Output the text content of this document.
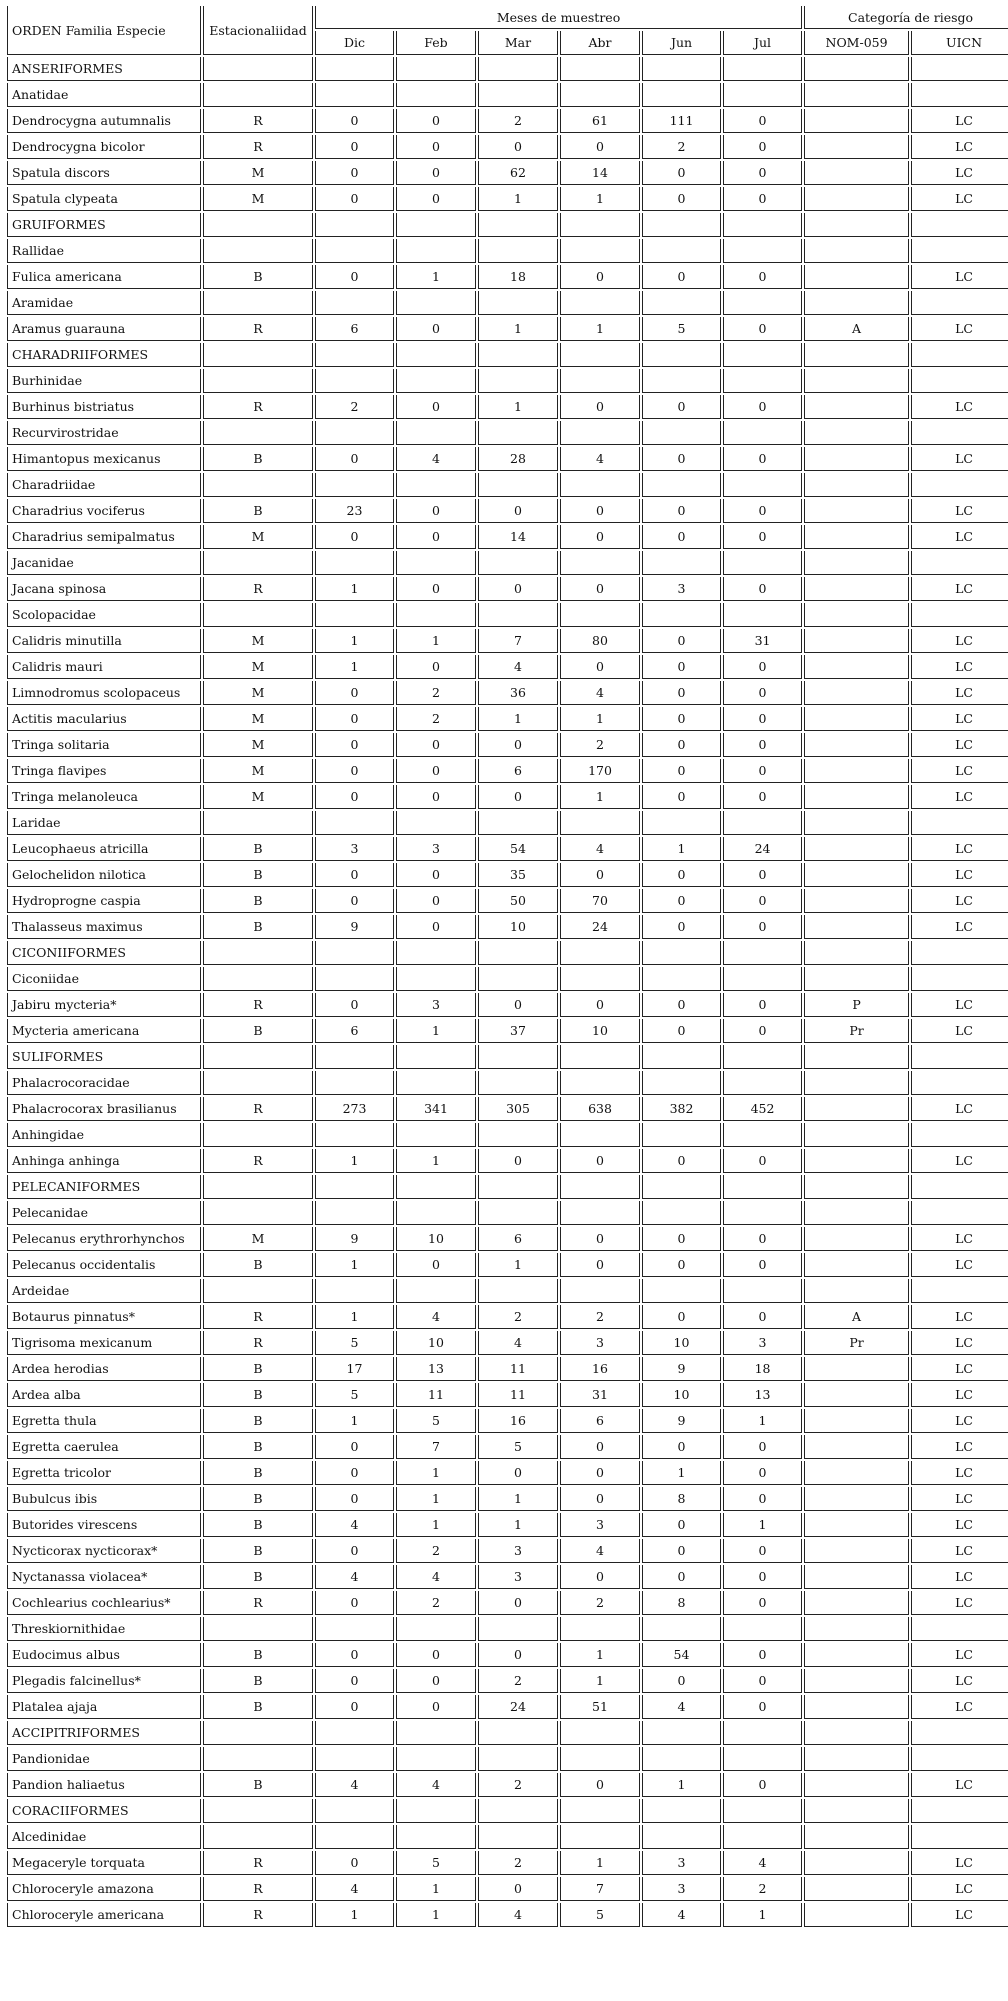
ORDEN Familia Especie	Estacionaliidad	Meses de muestreo						Categoría de riesgo	
		Dic	Feb	Mar	Abr	Jun	Jul	NOM-059	UICN
ANSERIFORMES									
Anatidae									
Dendrocygna autumnalis	R	0	0	2	61	111	0		LC
Dendrocygna bicolor	R	0	0	0	0	2	0		LC
Spatula discors	M	0	0	62	14	0	0		LC
Spatula clypeata	M	0	0	1	1	0	0		LC
GRUIFORMES									
Rallidae									
Fulica americana	B	0	1	18	0	0	0		LC
Aramidae									
Aramus guarauna	R	6	0	1	1	5	0	A	LC
CHARADRIIFORMES									
Burhinidae									
Burhinus bistriatus	R	2	0	1	0	0	0		LC
Recurvirostridae									
Himantopus mexicanus	B	0	4	28	4	0	0		LC
Charadriidae									
Charadrius vociferus	B	23	0	0	0	0	0		LC
Charadrius semipalmatus	M	0	0	14	0	0	0		LC
Jacanidae									
Jacana spinosa	R	1	0	0	0	3	0		LC
Scolopacidae									
Calidris minutilla	M	1	1	7	80	0	31		LC
Calidris mauri	M	1	0	4	0	0	0		LC
Limnodromus scolopaceus	M	0	2	36	4	0	0		LC
Actitis macularius	M	0	2	1	1	0	0		LC
Tringa solitaria	M	0	0	0	2	0	0		LC
Tringa flavipes	M	0	0	6	170	0	0		LC
Tringa melanoleuca	M	0	0	0	1	0	0		LC
Laridae									
Leucophaeus atricilla	B	3	3	54	4	1	24		LC
Gelochelidon nilotica	B	0	0	35	0	0	0		LC
Hydroprogne caspia	B	0	0	50	70	0	0		LC
Thalasseus maximus	B	9	0	10	24	0	0		LC
CICONIIFORMES									
Ciconiidae									
Jabiru mycteria*	R	0	3	0	0	0	0	P	LC
Mycteria americana	B	6	1	37	10	0	0	Pr	LC
SULIFORMES									
Phalacrocoracidae									
Phalacrocorax brasilianus	R	273	341	305	638	382	452		LC
Anhingidae									
Anhinga anhinga	R	1	1	0	0	0	0		LC
PELECANIFORMES									
Pelecanidae									
Pelecanus erythrorhynchos	M	9	10	6	0	0	0		LC
Pelecanus occidentalis	B	1	0	1	0	0	0		LC
Ardeidae									
Botaurus pinnatus*	R	1	4	2	2	0	0	A	LC
Tigrisoma mexicanum	R	5	10	4	3	10	3	Pr	LC
Ardea herodias	B	17	13	11	16	9	18		LC
Ardea alba	B	5	11	11	31	10	13		LC
Egretta thula	B	1	5	16	6	9	1		LC
Egretta caerulea	B	0	7	5	0	0	0		LC
Egretta tricolor	B	0	1	0	0	1	0		LC
Bubulcus ibis	B	0	1	1	0	8	0		LC
Butorides virescens	B	4	1	1	3	0	1		LC
Nycticorax nycticorax*	B	0	2	3	4	0	0		LC
Nyctanassa violacea*	B	4	4	3	0	0	0		LC
Cochlearius cochlearius*	R	0	2	0	2	8	0		LC
Threskiornithidae									
Eudocimus albus	B	0	0	0	1	54	0		LC
Plegadis falcinellus*	B	0	0	2	1	0	0		LC
Platalea ajaja	B	0	0	24	51	4	0		LC
ACCIPITRIFORMES									
Pandionidae									
Pandion haliaetus	B	4	4	2	0	1	0		LC
CORACIIFORMES									
Alcedinidae									
Megaceryle torquata	R	0	5	2	1	3	4		LC
Chloroceryle amazona	R	4	1	0	7	3	2		LC
Chloroceryle americana	R	1	1	4	5	4	1		LC
